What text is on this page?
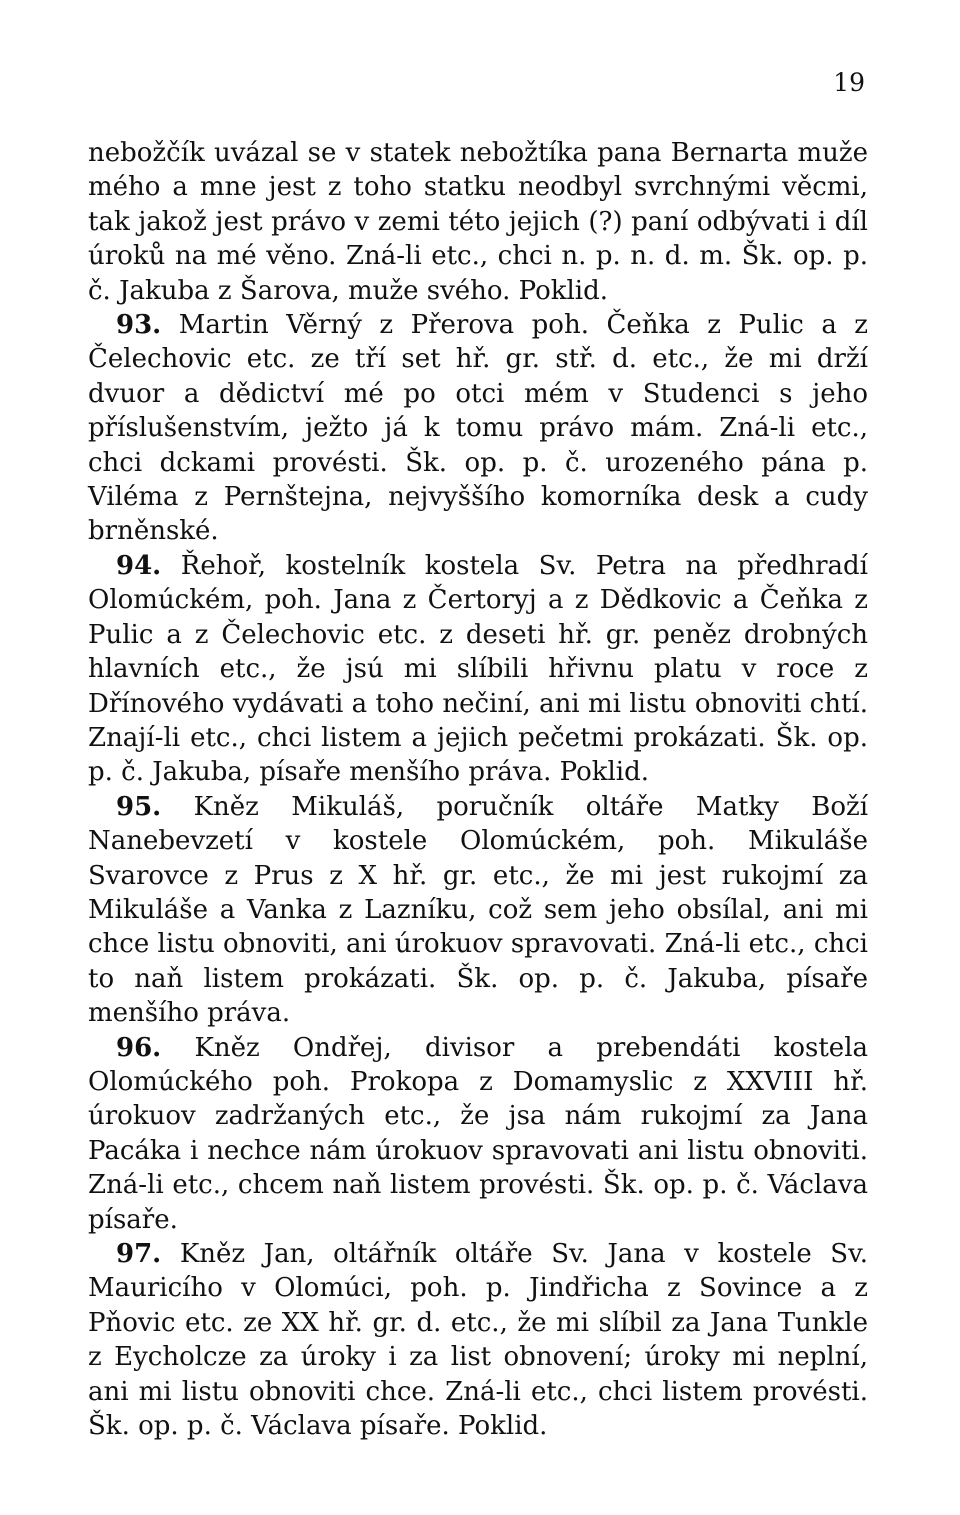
19

nebožčík uvázal se v statek nebožtíka pana Bernarta muže mého a mne jest z toho statku neodbyl svrchnými věcmi, tak jakož jest právo v zemi této jejich (?) paní odbývati i díl úroků na mé věno. Zná-li etc., chci n. p. n. d. m. Šk. op. p. č. Jakuba z Šarova, muže svého. Poklid.

93. Martin Věrný z Přerova poh. Čeňka z Pulic a z Čelechovic etc. ze tří set hř. gr. stř. d. etc., že mi drží dvuor a dědictví mé po otci mém v Studenci s jeho příslušenstvím, ježto já k tomu právo mám. Zná-li etc., chci dckami provésti. Šk. op. p. č. urozeného pána p. Viléma z Pernštejna, nejvyššího komorníka desk a cudy brněnské.

94. Řehoř, kostelník kostela Sv. Petra na předhradí Olomúckém, poh. Jana z Čertoryj a z Dědkovic a Čeňka z Pulic a z Čelechovic etc. z deseti hř. gr. peněz drobných hlavních etc., že jsú mi slíbili hřivnu platu v roce z Dřínového vydávati a toho nečiní, ani mi listu obnoviti chtí. Znají-li etc., chci listem a jejich pečetmi prokázati. Šk. op. p. č. Jakuba, písaře menšího práva. Poklid.

95. Kněz Mikuláš, poručník oltáře Matky Boží Nanebevzetí v kostele Olomúckém, poh. Mikuláše Svarovce z Prus z X hř. gr. etc., že mi jest rukojmí za Mikuláše a Vanka z Lazníku, což sem jeho obsílal, ani mi chce listu obnoviti, ani úrokuov spravovati. Zná-li etc., chci to naň listem prokázati. Šk. op. p. č. Jakuba, písaře menšího práva.

96. Kněz Ondřej, divisor a prebendáti kostela Olomúckého poh. Prokopa z Domamyslic z XXVIII hř. úrokuov zadržaných etc., že jsa nám rukojmí za Jana Pacáka i nechce nám úrokuov spravovati ani listu obnoviti. Zná-li etc., chcem naň listem provésti. Šk. op. p. č. Václava písaře.

97. Kněz Jan, oltářník oltáře Sv. Jana v kostele Sv. Mauricího v Olomúci, poh. p. Jindřicha z Sovince a z Pňovic etc. ze XX hř. gr. d. etc., že mi slíbil za Jana Tunkle z Eycholcze za úroky i za list obnovení; úroky mi neplní, ani mi listu obnoviti chce. Zná-li etc., chci listem provésti. Šk. op. p. č. Václava písaře. Poklid.
